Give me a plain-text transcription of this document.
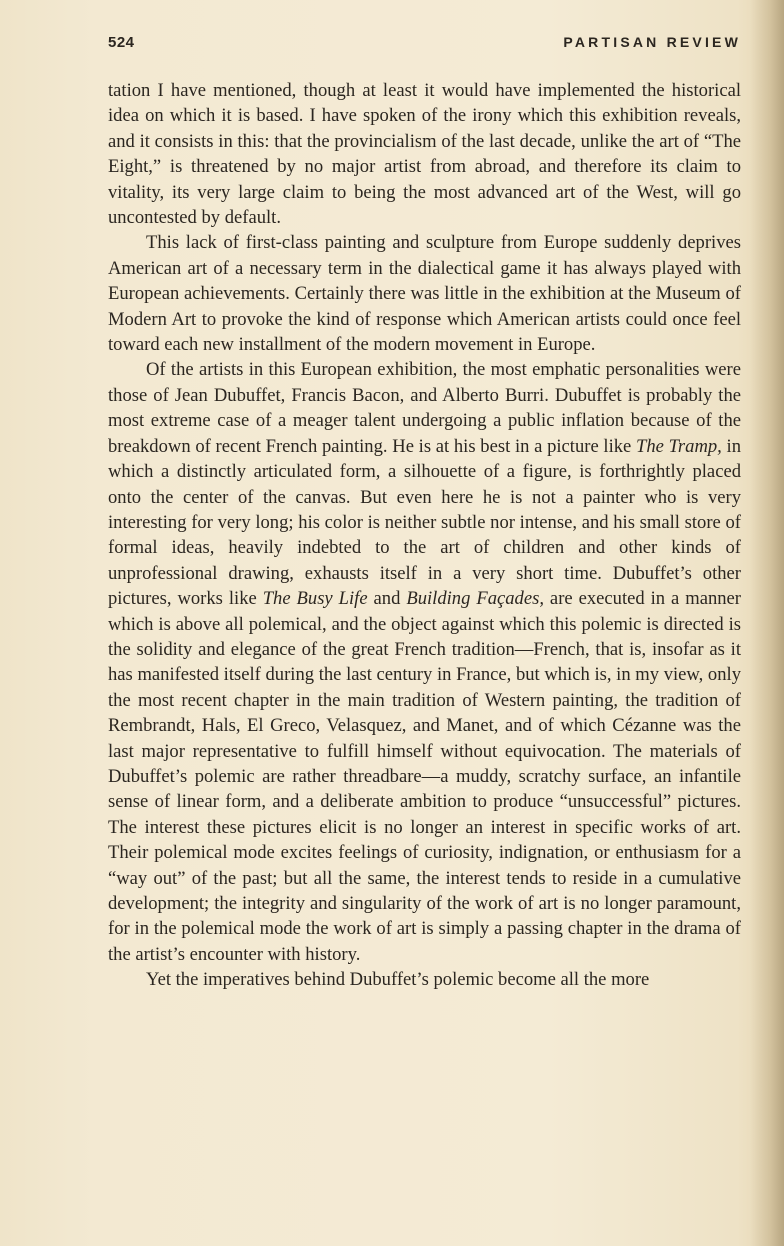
524	PARTISAN REVIEW

tation I have mentioned, though at least it would have implemented the historical idea on which it is based. I have spoken of the irony which this exhibition reveals, and it consists in this: that the provincialism of the last decade, unlike the art of “The Eight,” is threatened by no major artist from abroad, and therefore its claim to vitality, its very large claim to being the most advanced art of the West, will go uncontested by default.

This lack of first-class painting and sculpture from Europe suddenly deprives American art of a necessary term in the dialectical game it has always played with European achievements. Certainly there was little in the exhibition at the Museum of Modern Art to provoke the kind of response which American artists could once feel toward each new installment of the modern movement in Europe.

Of the artists in this European exhibition, the most emphatic personalities were those of Jean Dubuffet, Francis Bacon, and Alberto Burri. Dubuffet is probably the most extreme case of a meager talent undergoing a public inflation because of the breakdown of recent French painting. He is at his best in a picture like The Tramp, in which a distinctly articulated form, a silhouette of a figure, is forthrightly placed onto the center of the canvas. But even here he is not a painter who is very interesting for very long; his color is neither subtle nor intense, and his small store of formal ideas, heavily indebted to the art of children and other kinds of unprofessional drawing, exhausts itself in a very short time. Dubuffet’s other pictures, works like The Busy Life and Building Façades, are executed in a manner which is above all polemical, and the object against which this polemic is directed is the solidity and elegance of the great French tradition—French, that is, insofar as it has manifested itself during the last century in France, but which is, in my view, only the most recent chapter in the main tradition of Western painting, the tradition of Rembrandt, Hals, El Greco, Velasquez, and Manet, and of which Cézanne was the last major representative to fulfill himself without equivocation. The materials of Dubuffet’s polemic are rather threadbare—a muddy, scratchy surface, an infantile sense of linear form, and a deliberate ambition to produce “unsuccessful” pictures. The interest these pictures elicit is no longer an interest in specific works of art. Their polemical mode excites feelings of curiosity, indignation, or enthusiasm for a “way out” of the past; but all the same, the interest tends to reside in a cumulative development; the integrity and singularity of the work of art is no longer paramount, for in the polemical mode the work of art is simply a passing chapter in the drama of the artist’s encounter with history.

Yet the imperatives behind Dubuffet’s polemic become all the more
